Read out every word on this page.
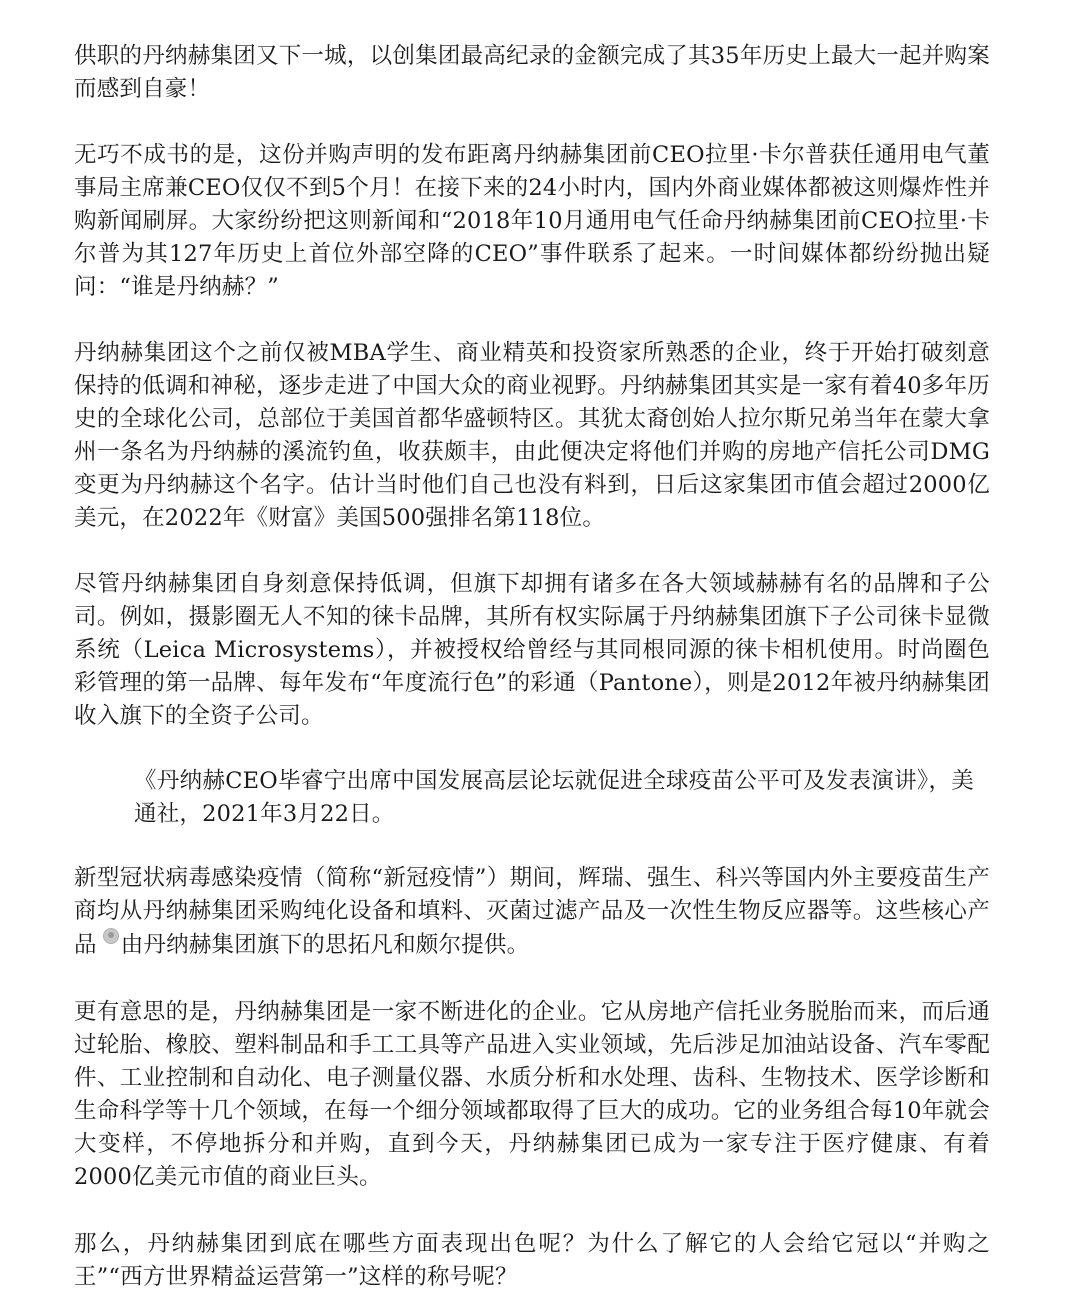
供职的丹纳赫集团又下一城，以创集团最高纪录的金额完成了其35年历史上最大一起并购案而感到自豪！

无巧不成书的是，这份并购声明的发布距离丹纳赫集团前CEO拉里·卡尔普获任通用电气董事局主席兼CEO仅仅不到5个月！在接下来的24小时内，国内外商业媒体都被这则爆炸性并购新闻刷屏。大家纷纷把这则新闻和“2018年10月通用电气任命丹纳赫集团前CEO拉里·卡尔普为其127年历史上首位外部空降的CEO”事件联系了起来。一时间媒体都纷纷抛出疑问：“谁是丹纳赫？”

丹纳赫集团这个之前仅被MBA学生、商业精英和投资家所熟悉的企业，终于开始打破刻意保持的低调和神秘，逐步走进了中国大众的商业视野。丹纳赫集团其实是一家有着40多年历史的全球化公司，总部位于美国首都华盛顿特区。其犹太裔创始人拉尔斯兄弟当年在蒙大拿州一条名为丹纳赫的溪流钓鱼，收获颇丰，由此便决定将他们并购的房地产信托公司DMG变更为丹纳赫这个名字。估计当时他们自己也没有料到，日后这家集团市值会超过2000亿美元，在2022年《财富》美国500强排名第118位。

尽管丹纳赫集团自身刻意保持低调，但旗下却拥有诸多在各大领域赫赫有名的品牌和子公司。例如，摄影圈无人不知的徕卡品牌，其所有权实际属于丹纳赫集团旗下子公司徕卡显微系统（Leica Microsystems），并被授权给曾经与其同根同源的徕卡相机使用。时尚圈色彩管理的第一品牌、每年发布“年度流行色”的彩通（Pantone），则是2012年被丹纳赫集团收入旗下的全资子公司。

《丹纳赫CEO毕睿宁出席中国发展高层论坛就促进全球疫苗公平可及发表演讲》，美通社，2021年3月22日。

新型冠状病毒感染疫情（简称“新冠疫情”）期间，辉瑞、强生、科兴等国内外主要疫苗生产商均从丹纳赫集团采购纯化设备和填料、灭菌过滤产品及一次性生物反应器等。这些核心产品 由丹纳赫集团旗下的思拓凡和颇尔提供。

更有意思的是，丹纳赫集团是一家不断进化的企业。它从房地产信托业务脱胎而来，而后通过轮胎、橡胶、塑料制品和手工工具等产品进入实业领域，先后涉足加油站设备、汽车零配件、工业控制和自动化、电子测量仪器、水质分析和水处理、齿科、生物技术、医学诊断和生命科学等十几个领域，在每一个细分领域都取得了巨大的成功。它的业务组合每10年就会大变样，不停地拆分和并购，直到今天，丹纳赫集团已成为一家专注于医疗健康、有着2000亿美元市值的商业巨头。

那么，丹纳赫集团到底在哪些方面表现出色呢？为什么了解它的人会给它冠以“并购之王”“西方世界精益运营第一”这样的称号呢？
